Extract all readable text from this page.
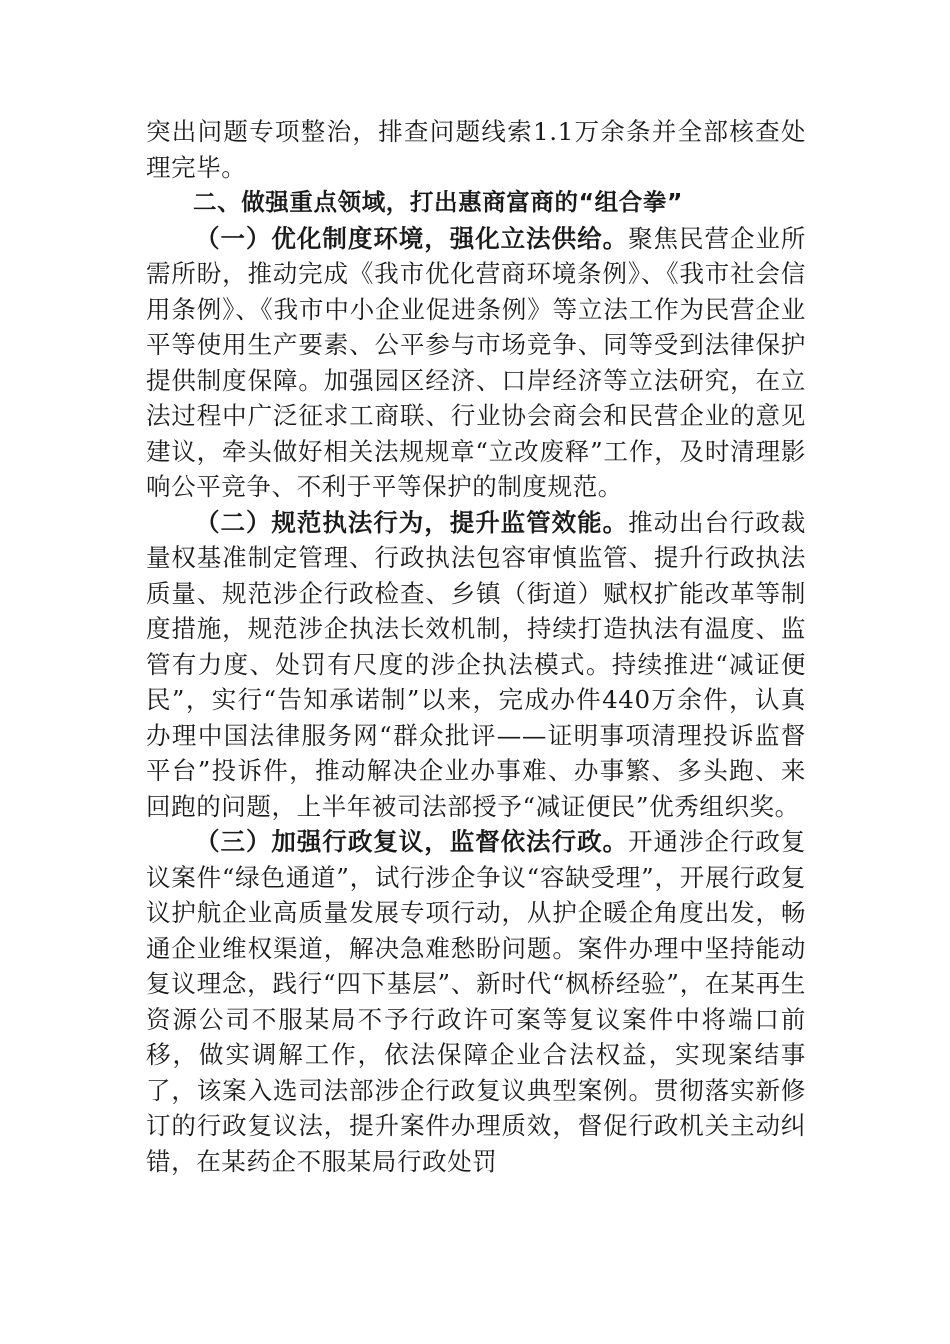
突出问题专项整治，排查问题线索1.1万余条并全部核查处理完毕。

二、做强重点领域，打出惠商富商的“组合拳”

（一）优化制度环境，强化立法供给。聚焦民营企业所需所盼，推动完成《我市优化营商环境条例》、《我市社会信用条例》、《我市中小企业促进条例》等立法工作为民营企业平等使用生产要素、公平参与市场竞争、同等受到法律保护提供制度保障。加强园区经济、口岸经济等立法研究，在立法过程中广泛征求工商联、行业协会商会和民营企业的意见建议，牵头做好相关法规规章“立改废释”工作，及时清理影响公平竞争、不利于平等保护的制度规范。

（二）规范执法行为，提升监管效能。推动出台行政裁量权基准制定管理、行政执法包容审慎监管、提升行政执法质量、规范涉企行政检查、乡镇（街道）赋权扩能改革等制度措施，规范涉企执法长效机制，持续打造执法有温度、监管有力度、处罚有尺度的涉企执法模式。持续推进“减证便民”，实行“告知承诺制”以来，完成办件440万余件，认真办理中国法律服务网“群众批评——证明事项清理投诉监督平台”投诉件，推动解决企业办事难、办事繁、多头跑、来回跑的问题，上半年被司法部授予“减证便民”优秀组织奖。

（三）加强行政复议，监督依法行政。开通涉企行政复议案件“绿色通道”，试行涉企争议“容缺受理”，开展行政复议护航企业高质量发展专项行动，从护企暖企角度出发，畅通企业维权渠道，解决急难愁盼问题。案件办理中坚持能动复议理念，践行“四下基层”、新时代“枫桥经验”，在某再生资源公司不服某局不予行政许可案等复议案件中将端口前移，做实调解工作，依法保障企业合法权益，实现案结事了，该案入选司法部涉企行政复议典型案例。贯彻落实新修订的行政复议法，提升案件办理质效，督促行政机关主动纠错，在某药企不服某局行政处罚
